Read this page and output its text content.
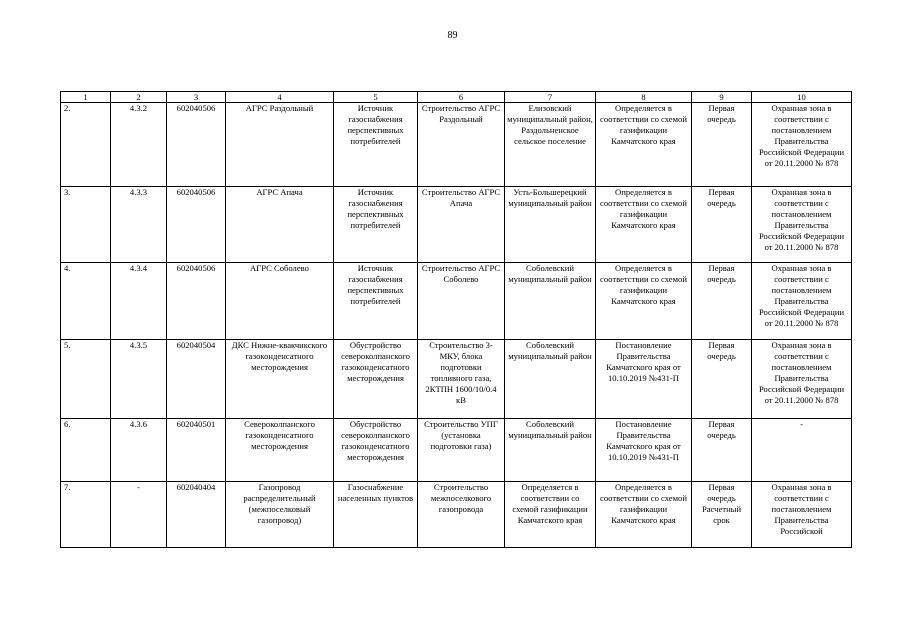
89
1	2	3	4	5	6	7	8	9	10
2.	4.3.2	602040506	АГРС Раздольный	Источник газоснабжения перспективных потребителей	Строительство АГРС Раздольный	Елизовский муниципальный район, Раздольненское сельское поселение	Определяется в соответствии со схемой газификации Камчатского края	Первая очередь	Охранная зона в соответствии с постановлением Правительства Российской Федерации от 20.11.2000 № 878
3.	4.3.3	602040506	АГРС Апача	Источник газоснабжения перспективных потребителей	Строительство АГРС Апача	Усть-Большерецкий муниципальный район	Определяется в соответствии со схемой газификации Камчатского края	Первая очередь	Охранная зона в соответствии с постановлением Правительства Российской Федерации от 20.11.2000 № 878
4.	4.3.4	602040506	АГРС Соболево	Источник газоснабжения перспективных потребителей	Строительство АГРС Соболево	Соболевский муниципальный район	Определяется в соответствии со схемой газификации Камчатского края	Первая очередь	Охранная зона в соответствии с постановлением Правительства Российской Федерации от 20.11.2000 № 878
5.	4.3.5	602040504	ДКС Нижне-квакчикского газоконденсатного месторождения	Обустройство североколпанского газоконденсатного месторождения	Строительство 3-МКУ, блока подготовки топливного газа, 2КТПН 1600/10/0.4 кВ	Соболевский муниципальный район	Постановление Правительства Камчатского края от 10.10.2019 №431-П	Первая очередь	Охранная зона в соответствии с постановлением Правительства Российской Федерации от 20.11.2000 № 878
6.	4.3.6	602040501	Североколпанского газоконденсатного месторождения	Обустройство североколпанского газоконденсатного месторождения	Строительство УПГ (установка подготовки газа)	Соболевский муниципальный район	Постановление Правительства Камчатского края от 10.10.2019 №431-П	Первая очередь	-
7.	-	602040404	Газопровод распределительный (межпоселковый газопровод)	Газоснабжение населенных пунктов	Строительство межпоселкового газопровода	Определяется в соответствии со схемой газификации Камчатского края	Определяется в соответствии со схемой газификации Камчатского края	Первая очередь Расчетный срок	Охранная зона в соответствии с постановлением Правительства Российской
